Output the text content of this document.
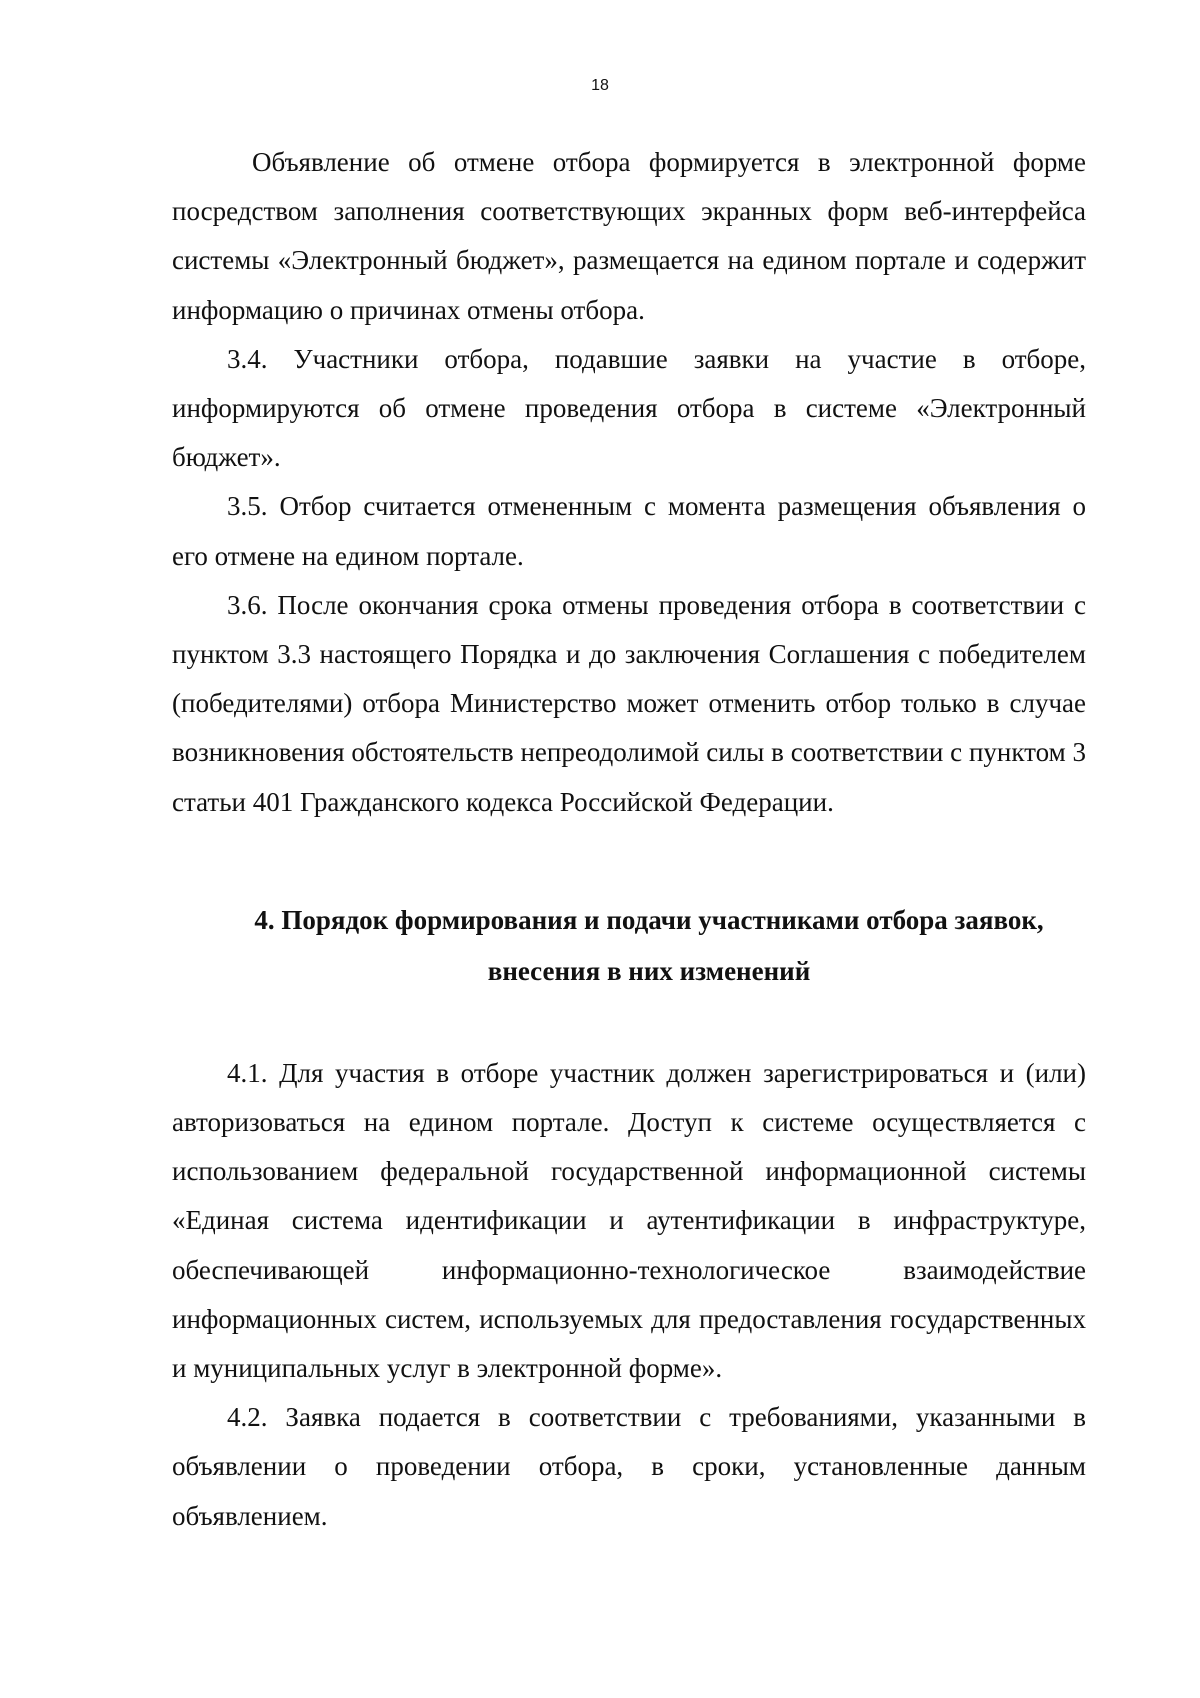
18

Объявление об отмене отбора формируется в электронной форме посредством заполнения соответствующих экранных форм веб-интерфейса системы «Электронный бюджет», размещается на едином портале и содержит информацию о причинах отмены отбора.

3.4. Участники отбора, подавшие заявки на участие в отборе, информируются об отмене проведения отбора в системе «Электронный бюджет».

3.5. Отбор считается отмененным с момента размещения объявления о его отмене на едином портале.

3.6. После окончания срока отмены проведения отбора в соответствии с пунктом 3.3 настоящего Порядка и до заключения Соглашения с победителем (победителями) отбора Министерство может отменить отбор только в случае возникновения обстоятельств непреодолимой силы в соответствии с пунктом 3 статьи 401 Гражданского кодекса Российской Федерации.

4. Порядок формирования и подачи участниками отбора заявок,
внесения в них изменений

4.1. Для участия в отборе участник должен зарегистрироваться и (или) авторизоваться на едином портале. Доступ к системе осуществляется с использованием федеральной государственной информационной системы «Единая система идентификации и аутентификации в инфраструктуре, обеспечивающей информационно-технологическое взаимодействие информационных систем, используемых для предоставления государственных и муниципальных услуг в электронной форме».

4.2. Заявка подается в соответствии с требованиями, указанными в объявлении о проведении отбора, в сроки, установленные данным объявлением.
